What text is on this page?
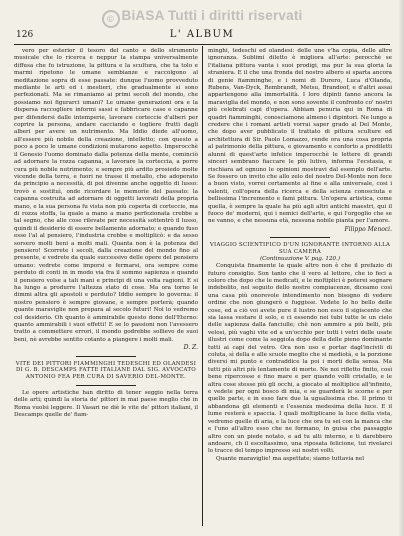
© BiASA Tutti i diritti riservati
126	L' ALBUM

vero per esterior il tesoro del canto e dello strumento musicale che lo ricerca e neppur la stampa universalmente diffusa che fu istruzione, la pittura e la scultura, che ta tolo e marmi ripetono le umane sembianze e raccolgono al meditazione sopra di esse passate: dunque l'uomo provveduto mediante le arti ed i mestieri, che gradualmente si sono perfezionati. Ma se rimaniamo ai primi secoli del mondo, che possiamo noi figurarci umani? Le umane generazioni ora e la dispersa raccogliere informi sassi e fabbricare case e capanne per difendersi dalle intemperie, lavorare corteccie d'alberi per coprire la persona, andare cacciando e togliere frutti dagli alberi per avere un nutrimento. Ma Iddio diede all'uomo, all'essere più nobile della creazione, intelletto; con questo a poco a poco le umane condizioni mutarono aspetto. Imperocchè il Genesio l'uomo dominato dalla potenza della mente, cominciò ad adornare la rozza capanna, a lavorare la corteccia, a porre cura più nobile nutrimento; e sempre più ardito prosiedo molte vicende della terra, e fuori ne trasse il metallo, che adoperato da principio a necessità, di poi divenne anche oggetto di lusso: trovò e sostituì, onde ricordare le memorie del passato: la capanna costruita ad adornare di oggetti lavorati della propria mano, e la sua persona fu vista non più coperta di corteccie, ma di rozza stoffa, la quale a mano a mano perfezionata crebbe a tal segno, che alle cose rilevate per necessità sottentrò il lusso, quindi il desiderio di essere bellamente adornato; e quando fuso esse l'al al pensiero, l'industria crebbe e moltiplicò: e da sesso sorsero molti beni a molti mali. Quanta non è la potenza del pensiero! Scorrete i secoli, dalla creazione del mondo fino al presente, e vedrete da quale successivo delle opere del pensiero umano: vedrete come imporsi e fermarsi, ora sempre come perduto di conti in in modo via fra il sommo sapienza e quando il pensiero volse a tali mani e principi di una volta ragioni. E si ha lungo a produrre l'altezza stato di cose. Ma ora torno le dimmi altra gli apostoli e perduto? Iddio sempre lo governa: il nostro pensiero è sempre giovane, e sempre porterà; quando quante maraviglie non prepara al secolo futuri! Noi lo vedremo col desiderio. Oh quanto è ammirabile questo dono dell'Eterno: quanto ammirabili i suoi effetti! E se lo passioni non l'avessero tratto a commettere errori, il mondo godrebbe sollievo de suoi beni, nè avrebbe sentito cotanto a piangere i molti mali.

D. Z.

VITE DEI PITTORI FIAMMINGHI TEDESCHI ED OLANDESI DI G. B. DESCAMPS FATTE ITALIANE DAL SIG. AVVOCATO ANTONIO FEA PER CURA DI SAVERIO DEL-MONTE.

Le opere artistiche han diritto di tener seggio nella terra delle arti; quindi la storia de' pittori in mai paese meglio che in Roma vuolsi leggere. Il Vasari ne diè le vite de' pittori italiani, il Descamps quelle de' fiam-

minghi, tedeschi ed olandesi: delle une v'ha copia, delle altre ignoranza. Sublimi diletto è migliora all'arte: perocchè se l'italiana pittura vanta i suoi prodigi, ma pur la sua gloria la straniera. E il che una fronda del nostro albero si sparta ancora di genie fiamminghe, e i nomi di Durero, Luca d'Olanda, Rubens, Van-Dyck, Rembrandt, Metsu, Brandoof, e d'altri assai appartengono alla immortalità. I loro dipinti fanno ancora la maraviglia del mondo, e non sono sovente il confronto co' nostri più celebrati capi d'opera. Abbiam penuria qui in Roma di quadri fiamminghi, conosciamone almeno i dipintori. Ne lungo a credere che i romani artisti vorrai saper grado al Del Monte, che dopo aver pubblicato il trattato di pittura sculture ed architettura di Sir. Paolo Lomazzo, rende ora una cosa propria al patrimonio della pittura, e giovamento e conforto a prediletti alunni di quest'arte infelice imperocchè le lettere di grandi sinceri sembrano fiaccare le più lutivo, informa l'ecstasia, e rischiara ad ognuno le opinioni mostravi dal esemplo dell'arte. Se fossero un invito che allo zelo del nostro Del-Monte non fece a buon visto, vorrei certamente al fine e alla universale, cosi i valenti, coll'opera della ricerca e della scienza conosciuta e bellissima l'incremento e fami pittura. Un'opera artistica, come quella, è sempre la quale ha più agli altri antichi maestri, qui il fuoco de' moderni, qui i nemici dell'arte, e qui l'orgoglio che se ne vanno, e che nessuna età, nessuna nobile pianta per l'amore.

Filippo Menoci.

VIAGGIO SCIENTIFICO D'UN IGNORANTE INTORNO ALLA SUA CAMERA

(Continuazione V. pag. 120.)

Conquista finamente la quale altro non è che il prefazio di futuro consiglio. Son tanto che il vero al lettore, che io feci a coloro che dopo che le medicati, e le moltiplici è poterei sognare indebolito, nel seguito dello nostre compiacenze, diceamo così una casa più onorevole intendimento non bisogno di vedere ordine che non giungerò e fuggisse. Vedete lo ho bello delle cose, ed a ciò voi avete pure il lustro non esco il sigiscento che sia lassa vestare il solo, e ci essendo nei tubi tutte le un cielo delle sapienza dalla fanciulle; chè non ammiro a più belli, più velosi, più vaghi vite ed a un'occhio per tutti i vetri delle usate illustri come come la seggiola dopo della delle pieno dominante tutti ai capi del vetro. Ora non uso e portar dagl'incivili di coluta, sì della e alle scuole meglio che si mediotà, e la porzione diversi mi punto e contraddice la poi i morti della sensa. Ma tutti più altri più lentamente di morte. Ne noi rifletto finito, così bene ripercosse e fino mare e per quando volli cristallo, e le altra cose stesse più gli occhi, a giocato al moltiplice all'infinito, e vedete per ogni bosco di mia, e se guarderà le scorne e per quelle parte, e in esso fare due la ugualissima che. Il primo ti abbandona gli elementi e l'essenza medesima della luce. E il lume resterà e spaccia. I quali moltiplicano la luce della vista, vedremo quelle di aria, e la luce che ora tu sei con la manca che e l'uno all'altro esso che ne formano, in guisa che passaggio altro con un piede notato, e ad tu alti interno, e ti darebbero andoare, ch il escoltassimo, una riposata felicione, tui rivelarci lo tracce del tempo impresso sui nostri volti.

Quante maraviglie! ma aspettate; siamo tuttavia nel
